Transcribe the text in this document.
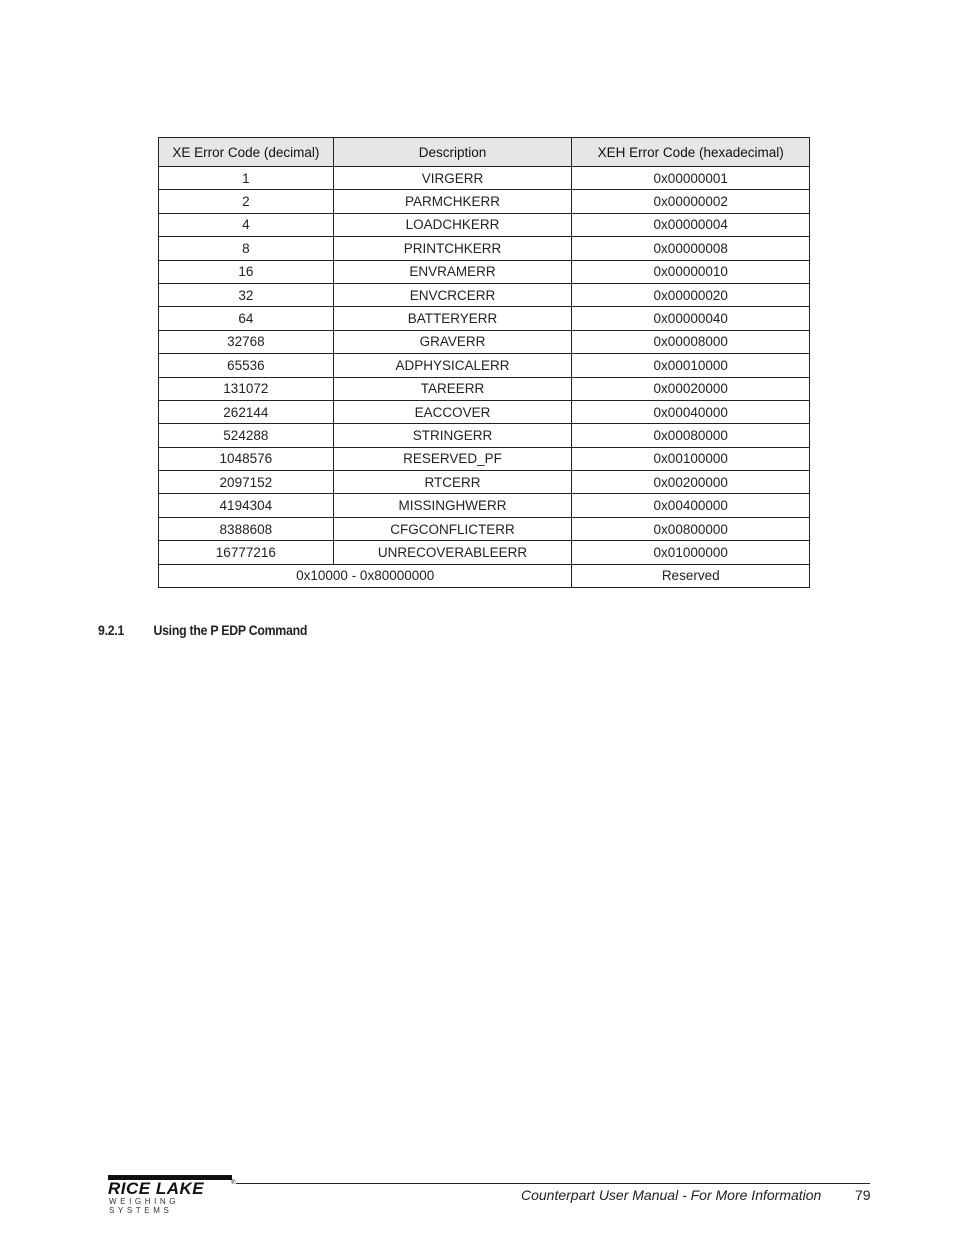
XE Error Code (decimal)	Description	XEH Error Code (hexadecimal)
1	VIRGERR	0x00000001
2	PARMCHKERR	0x00000002
4	LOADCHKERR	0x00000004
8	PRINTCHKERR	0x00000008
16	ENVRAMERR	0x00000010
32	ENVCRCERR	0x00000020
64	BATTERYERR	0x00000040
32768	GRAVERR	0x00008000
65536	ADPHYSICALERR	0x00010000
131072	TAREERR	0x00020000
262144	EACCOVER	0x00040000
524288	STRINGERR	0x00080000
1048576	RESERVED_PF	0x00100000
2097152	RTCERR	0x00200000
4194304	MISSINGHWERR	0x00400000
8388608	CFGCONFLICTERR	0x00800000
16777216	UNRECOVERABLEERR	0x01000000
0x10000 - 0x80000000		Reserved
9.2.1 Using the P EDP Command
RICE LAKE	®
WEIGHING SYSTEMS
Counterpart User Manual - For More Information 79
